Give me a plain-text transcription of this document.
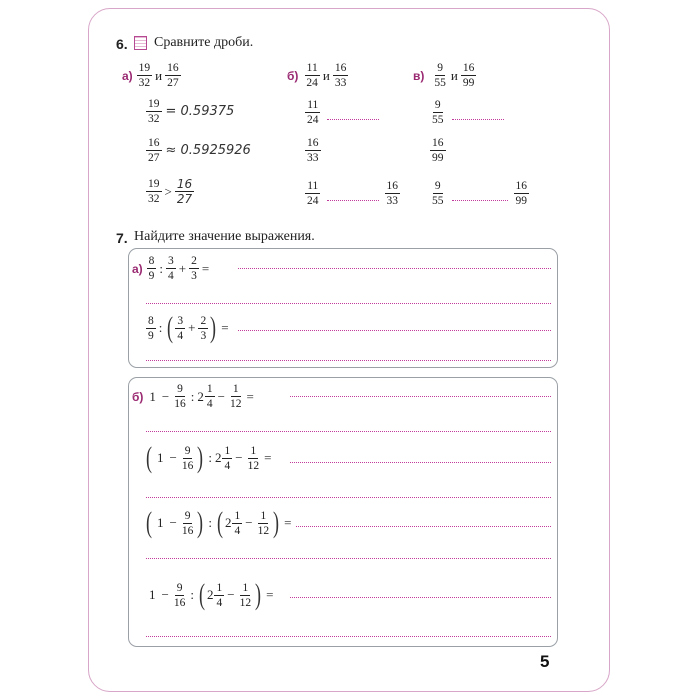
6. Сравните дроби.
$а) \frac{19}{32}$ и $\frac{16}{27}$
$\frac{19}{32} = 0.59375$
$\frac{16}{27} \approx 0.5925926$
$\frac{19}{32} > \frac{16}{27}$
$б) \frac{11}{24}$ и $\frac{16}{33}$
$\frac{11}{24}$
$\frac{16}{33}$
$\frac{11}{24}$	$\frac{16}{33}$
$в) \frac{9}{55}$ и $\frac{16}{99}$
$\frac{9}{55}$
$\frac{16}{99}$
$\frac{9}{55}$	$\frac{16}{99}$
7. Найдите значение выражения.
$а) \frac{8}{9}$ : $\frac{3}{4} + \frac{2}{3}$ =
$\frac{8}{9}$ : ( $\frac{3}{4} + \frac{2}{3}$ ) =
б) $1 - \frac{9}{16}$ : $2 \frac{1}{4} - \frac{1}{12}$ =
( $1 - \frac{9}{16}$ ) : $2 \frac{1}{4} - \frac{1}{12}$ =
( $1 - \frac{9}{16}$ ) : ( $2 \frac{1}{4} - \frac{1}{12}$ ) =
$1 - \frac{9}{16}$ : ( $2 \frac{1}{4} - \frac{1}{12}$ ) =
5
